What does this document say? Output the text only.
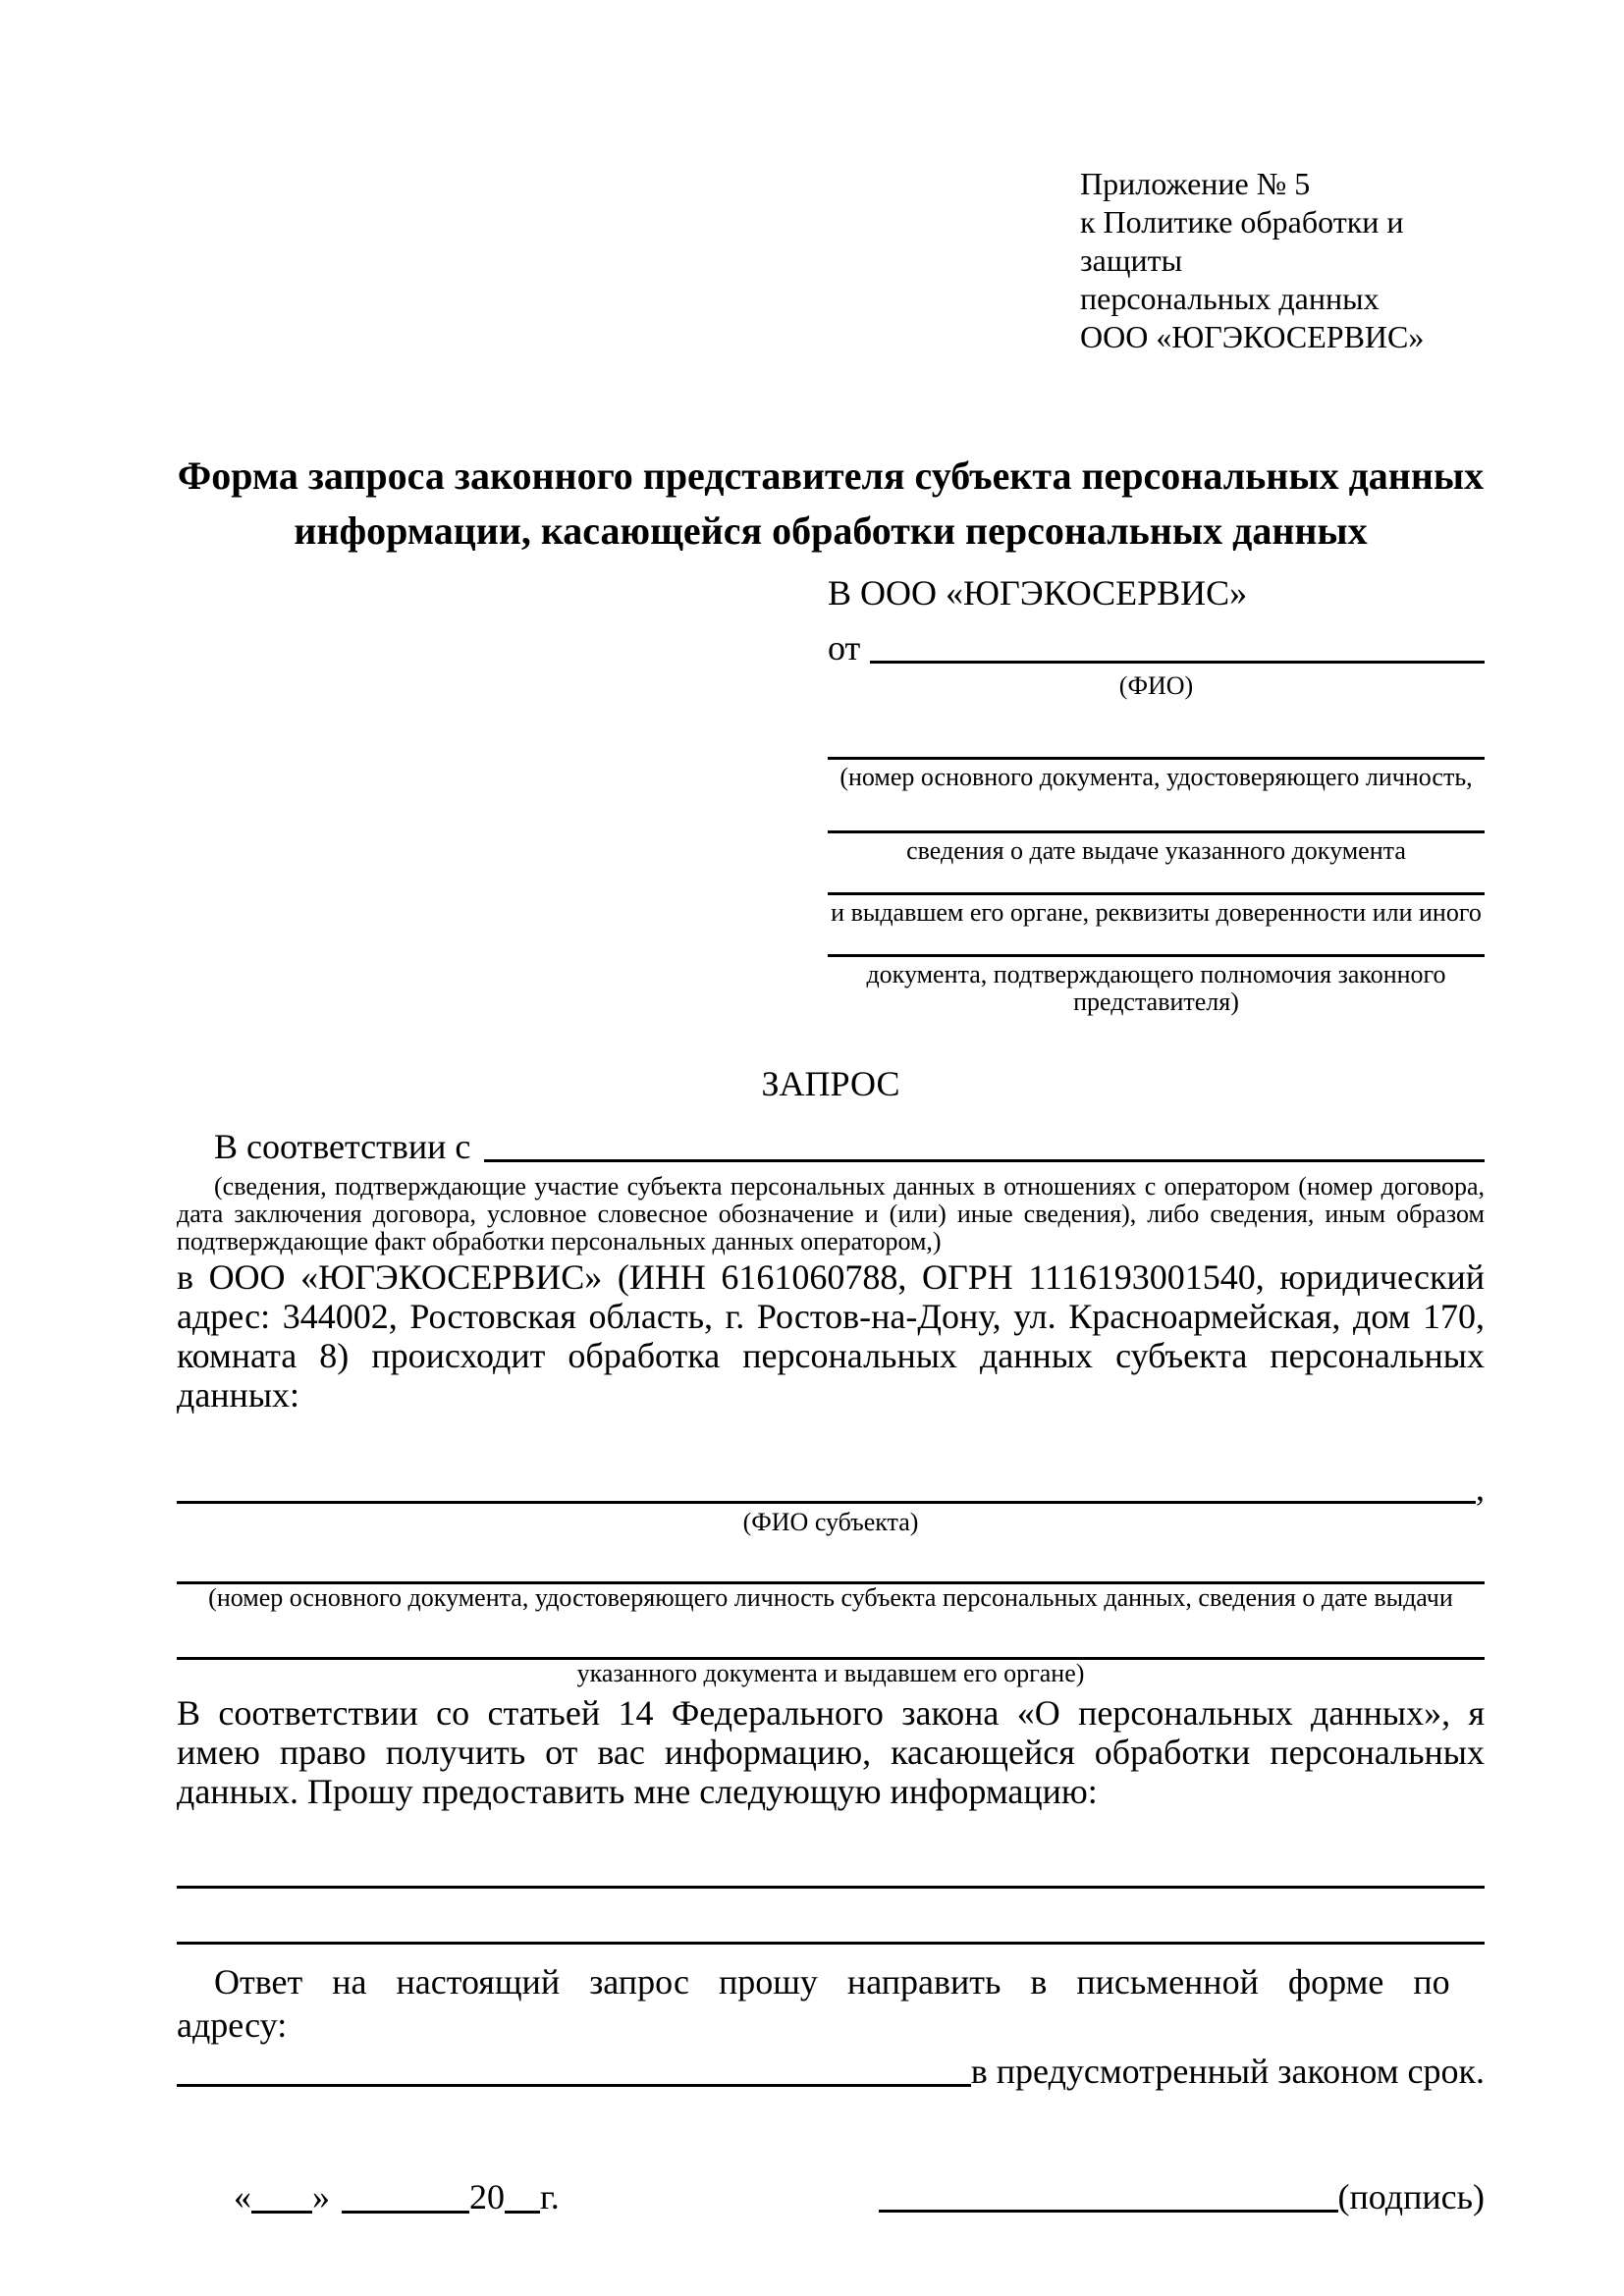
Приложение № 5
к Политике обработки и защиты
персональных данных
ООО «ЮГЭКОСЕРВИС»
Форма запроса законного представителя субъекта персональных данных
информации, касающейся обработки персональных данных
В ООО «ЮГЭКОСЕРВИС»
от
(ФИО)
(номер основного документа, удостоверяющего личность,
сведения о дате выдаче указанного документа
и выдавшем его органе, реквизиты доверенности или иного
документа, подтверждающего полномочия законного представителя)
ЗАПРОС
В соответствии с
(сведения, подтверждающие участие субъекта персональных данных в отношениях с оператором (номер договора, дата заключения договора, условное словесное обозначение и (или) иные сведения), либо сведения, иным образом подтверждающие факт обработки персональных данных оператором,)
в ООО «ЮГЭКОСЕРВИС» (ИНН 6161060788, ОГРН 1116193001540, юридический адрес: 344002, Ростовская область, г. Ростов-на-Дону, ул. Красноармейская, дом 170, комната 8) происходит обработка персональных данных субъекта персональных данных:
,
(ФИО субъекта)
(номер основного документа, удостоверяющего личность субъекта персональных данных, сведения о дате выдачи
указанного документа и выдавшем его органе)
В соответствии со статьей 14 Федерального закона «О персональных данных», я имею право получить от вас информацию, касающейся обработки персональных данных. Прошу предоставить мне следующую информацию:
Ответ на настоящий запрос прошу направить в письменной форме по адресу:
в предусмотренный законом срок.
« »	20 г.	(подпись)
